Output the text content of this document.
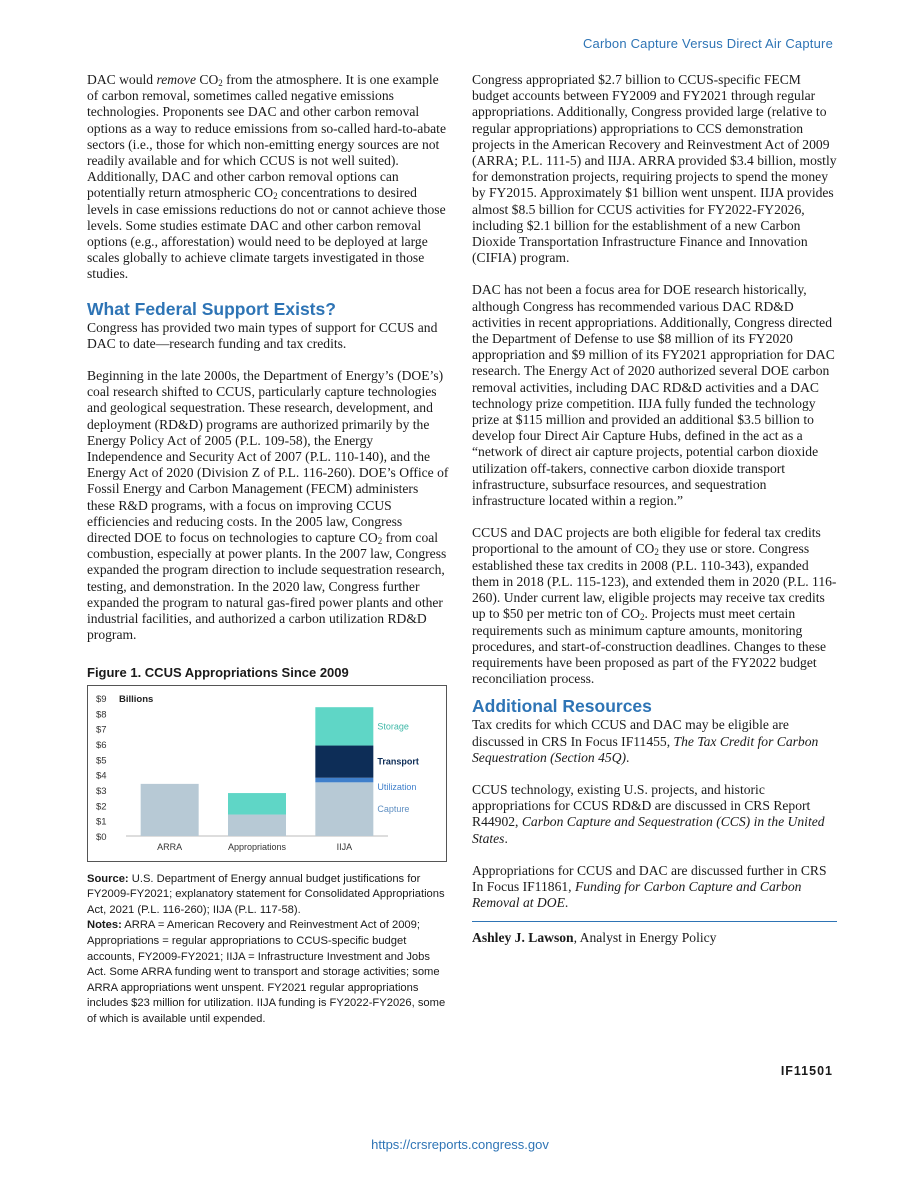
Carbon Capture Versus Direct Air Capture

DAC would remove $CO_2$ from the atmosphere. It is one example of carbon removal, sometimes called negative emissions technologies. Proponents see DAC and other carbon removal options as a way to reduce emissions from so-called hard-to-abate sectors (i.e., those for which non-emitting energy sources are not readily available and for which CCUS is not well suited). Additionally, DAC and other carbon removal options can potentially return atmospheric $CO_2$ concentrations to desired levels in case emissions reductions do not or cannot achieve those levels. Some studies estimate DAC and other carbon removal options (e.g., afforestation) would need to be deployed at large scales globally to achieve climate targets investigated in those studies.

What Federal Support Exists?

Congress has provided two main types of support for CCUS and DAC to date—research funding and tax credits.

Beginning in the late 2000s, the Department of Energy’s (DOE’s) coal research shifted to CCUS, particularly capture technologies and geological sequestration. These research, development, and deployment (RD&D) programs are authorized primarily by the Energy Policy Act of 2005 (P.L. 109-58), the Energy Independence and Security Act of 2007 (P.L. 110-140), and the Energy Act of 2020 (Division Z of P.L. 116-260). DOE’s Office of Fossil Energy and Carbon Management (FECM) administers these R&D programs, with a focus on improving CCUS efficiencies and reducing costs. In the 2005 law, Congress directed DOE to focus on technologies to capture $CO_2$ from coal combustion, especially at power plants. In the 2007 law, Congress expanded the program direction to include sequestration research, testing, and demonstration. In the 2020 law, Congress further expanded the program to natural gas-fired power plants and other industrial facilities, and authorized a carbon utilization RD&D program.

Figure 1. CCUS Appropriations Since 2009
$0
$1
$2
$3
$4
$5
$6
$7
$8
$9 Billions
ARRA	Appropriations	IIJA
Capture
Utilization
Transport
Storage

Source: U.S. Department of Energy annual budget justifications for FY2009-FY2021; explanatory statement for Consolidated Appropriations Act, 2021 (P.L. 116-260); IIJA (P.L. 117-58).

Notes: ARRA = American Recovery and Reinvestment Act of 2009; Appropriations = regular appropriations to CCUS-specific budget accounts, FY2009-FY2021; IIJA = Infrastructure Investment and Jobs Act. Some ARRA funding went to transport and storage activities; some ARRA appropriations went unspent. FY2021 regular appropriations includes $23 million for utilization. IIJA funding is FY2022-FY2026, some of which is available until expended.

Congress appropriated $2.7 billion to CCUS-specific FECM budget accounts between FY2009 and FY2021 through regular appropriations. Additionally, Congress provided large (relative to regular appropriations) appropriations to CCS demonstration projects in the American Recovery and Reinvestment Act of 2009 (ARRA; P.L. 111-5) and IIJA. ARRA provided $3.4 billion, mostly for demonstration projects, requiring projects to spend the money by FY2015. Approximately $1 billion went unspent. IIJA provides almost $8.5 billion for CCUS activities for FY2022-FY2026, including $2.1 billion for the establishment of a new Carbon Dioxide Transportation Infrastructure Finance and Innovation (CIFIA) program.

DAC has not been a focus area for DOE research historically, although Congress has recommended various DAC RD&D activities in recent appropriations. Additionally, Congress directed the Department of Defense to use $8 million of its FY2020 appropriation and $9 million of its FY2021 appropriation for DAC research. The Energy Act of 2020 authorized several DOE carbon removal activities, including DAC RD&D activities and a DAC technology prize competition. IIJA fully funded the technology prize at $115 million and provided an additional $3.5 billion to develop four Direct Air Capture Hubs, defined in the act as a “network of direct air capture projects, potential carbon dioxide utilization off-takers, connective carbon dioxide transport infrastructure, subsurface resources, and sequestration infrastructure located within a region.”

CCUS and DAC projects are both eligible for federal tax credits proportional to the amount of $CO_2$ they use or store. Congress established these tax credits in 2008 (P.L. 110-343), expanded them in 2018 (P.L. 115-123), and extended them in 2020 (P.L. 116-260). Under current law, eligible projects may receive tax credits up to $50 per metric ton of $CO_2$. Projects must meet certain requirements such as minimum capture amounts, monitoring procedures, and start-of-construction deadlines. Changes to these requirements have been proposed as part of the FY2022 budget reconciliation process.

Additional Resources

Tax credits for which CCUS and DAC may be eligible are discussed in CRS In Focus IF11455, The Tax Credit for Carbon Sequestration (Section 45Q).

CCUS technology, existing U.S. projects, and historic appropriations for CCUS RD&D are discussed in CRS Report R44902, Carbon Capture and Sequestration (CCS) in the United States.

Appropriations for CCUS and DAC are discussed further in CRS In Focus IF11861, Funding for Carbon Capture and Carbon Removal at DOE.

Ashley J. Lawson, Analyst in Energy Policy
IF11501
https://crsreports.congress.gov
